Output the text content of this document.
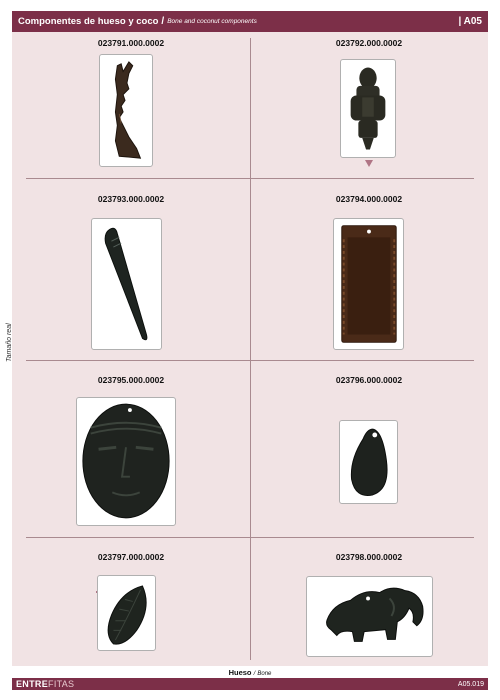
Componentes de hueso y coco / Bone and coconut components	| A05
Tamaño real
023791.000.0002	023792.000.0002
023793.000.0002	023794.000.0002
023795.000.0002	023796.000.0002
023797.000.0002	023798.000.0002
Hueso / Bone
ENTREFITAS	A05.019
